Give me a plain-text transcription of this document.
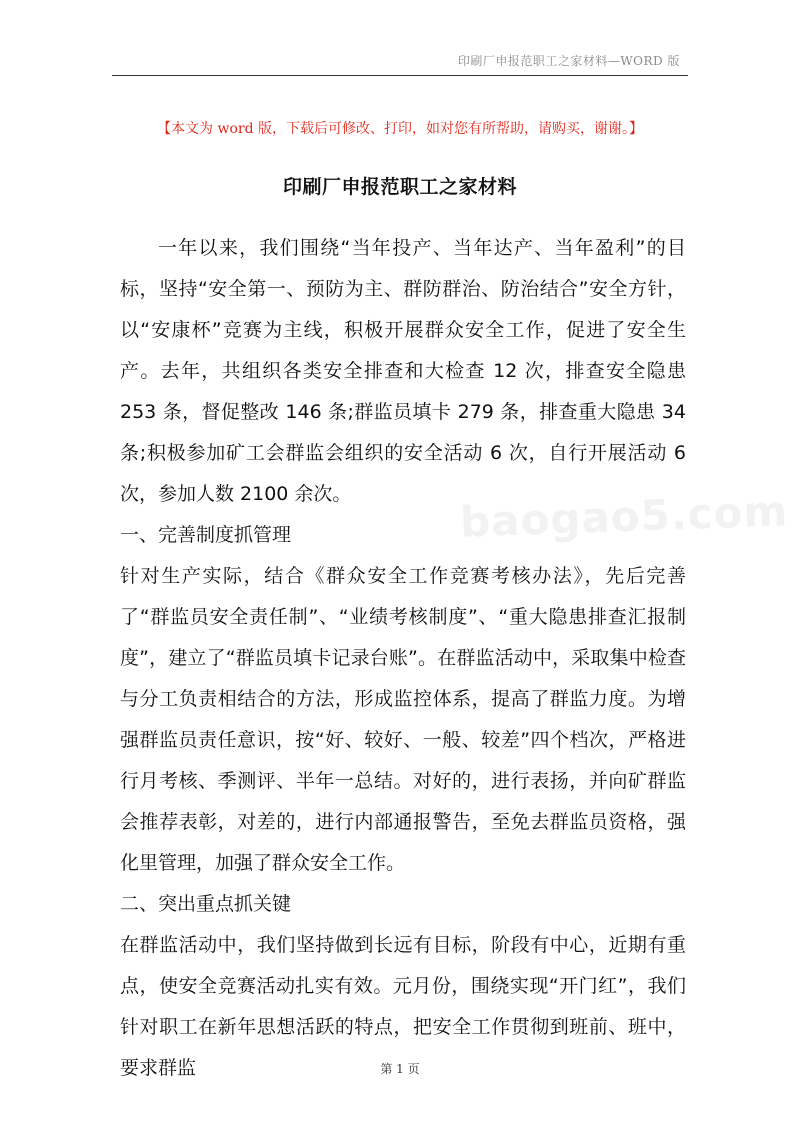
印刷厂申报范职工之家材料—WORD 版
【本文为 word 版，下载后可修改、打印，如对您有所帮助，请购买，谢谢。】
印刷厂申报范职工之家材料
baogao5.com

一年以来，我们围绕“当年投产、当年达产、当年盈利”的目标，坚持“安全第一、预防为主、群防群治、防治结合”安全方针，以“安康杯”竞赛为主线，积极开展群众安全工作，促进了安全生产。去年，共组织各类安全排查和大检查 12 次，排查安全隐患 253 条，督促整改 146 条;群监员填卡 279 条，排查重大隐患 34 条;积极参加矿工会群监会组织的安全活动 6 次，自行开展活动 6 次，参加人数 2100 余次。

一、完善制度抓管理

针对生产实际，结合《群众安全工作竞赛考核办法》，先后完善了“群监员安全责任制”、“业绩考核制度”、“重大隐患排查汇报制度”，建立了“群监员填卡记录台账”。在群监活动中，采取集中检查与分工负责相结合的方法，形成监控体系，提高了群监力度。为增强群监员责任意识，按“好、较好、一般、较差”四个档次，严格进行月考核、季测评、半年一总结。对好的，进行表扬，并向矿群监会推荐表彰，对差的，进行内部通报警告，至免去群监员资格，强化里管理，加强了群众安全工作。

二、突出重点抓关键

在群监活动中，我们坚持做到长远有目标，阶段有中心，近期有重点，使安全竞赛活动扎实有效。元月份，围绕实现“开门红”，我们针对职工在新年思想活跃的特点，把安全工作贯彻到班前、班中，要求群监	第 1 页
